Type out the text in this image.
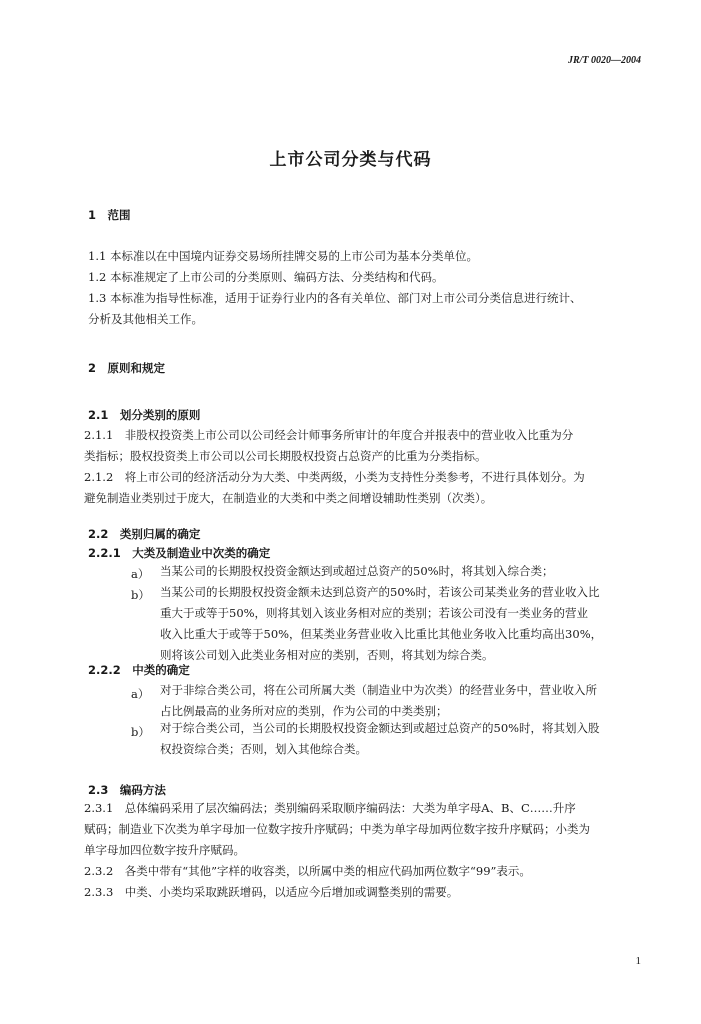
JR/T 0020—2004
上市公司分类与代码
1　范围
1.1 本标准以在中国境内证券交易场所挂牌交易的上市公司为基本分类单位。
1.2 本标准规定了上市公司的分类原则、编码方法、分类结构和代码。
1.3 本标准为指导性标准，适用于证券行业内的各有关单位、部门对上市公司分类信息进行统计、
分析及其他相关工作。
2　原则和规定
2.1　划分类别的原则
2.1.1　非股权投资类上市公司以公司经会计师事务所审计的年度合并报表中的营业收入比重为分
类指标；股权投资类上市公司以公司长期股权投资占总资产的比重为分类指标。
2.1.2　将上市公司的经济活动分为大类、中类两级，小类为支持性分类参考，不进行具体划分。为
避免制造业类别过于庞大，在制造业的大类和中类之间增设辅助性类别（次类）。
2.2　类别归属的确定
2.2.1　大类及制造业中次类的确定
a） 当某公司的长期股权投资金额达到或超过总资产的50%时，将其划入综合类；
b） 当某公司的长期股权投资金额未达到总资产的50%时，若该公司某类业务的营业收入比
重大于或等于50%，则将其划入该业务相对应的类别；若该公司没有一类业务的营业
收入比重大于或等于50%，但某类业务营业收入比重比其他业务收入比重均高出30%，
则将该公司划入此类业务相对应的类别，否则，将其划为综合类。
2.2.2　中类的确定
a） 对于非综合类公司，将在公司所属大类（制造业中为次类）的经营业务中，营业收入所
占比例最高的业务所对应的类别，作为公司的中类类别；
b） 对于综合类公司，当公司的长期股权投资金额达到或超过总资产的50%时，将其划入股
权投资综合类；否则，划入其他综合类。
2.3　编码方法
2.3.1　总体编码采用了层次编码法；类别编码采取顺序编码法：大类为单字母A、B、C……升序
赋码；制造业下次类为单字母加一位数字按升序赋码；中类为单字母加两位数字按升序赋码；小类为
单字母加四位数字按升序赋码。
2.3.2　各类中带有“其他”字样的收容类，以所属中类的相应代码加两位数字“99”表示。
2.3.3　中类、小类均采取跳跃增码，以适应今后增加或调整类别的需要。
1
